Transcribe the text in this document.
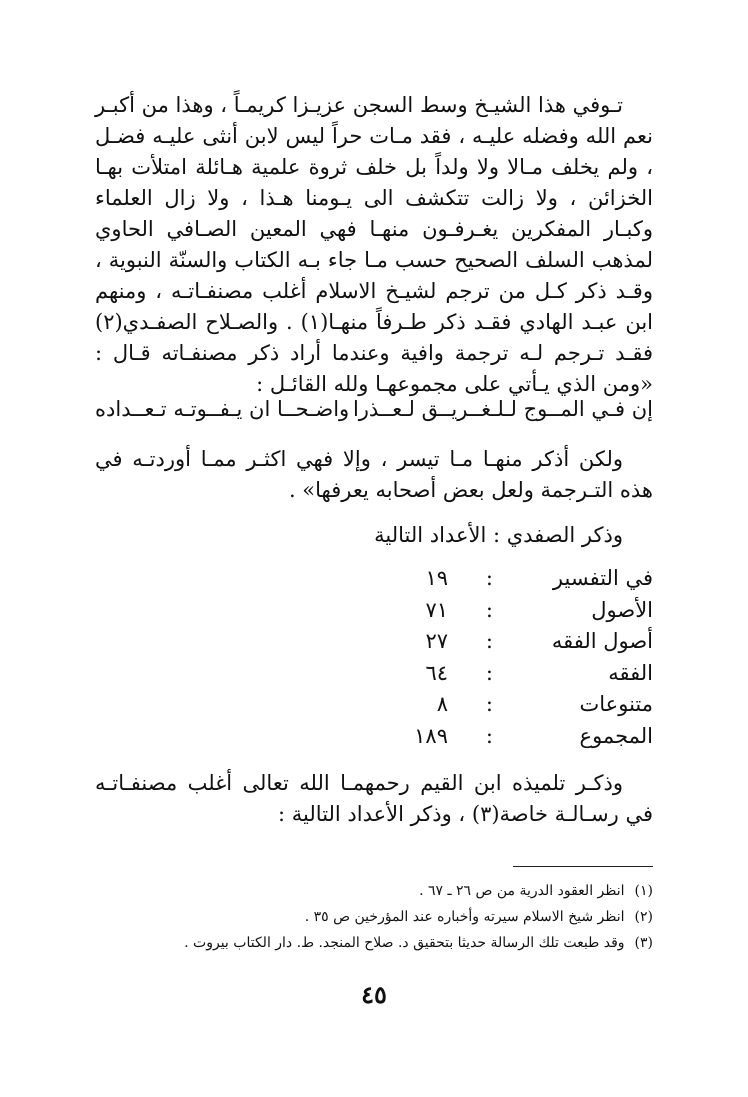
تـوفي هذا الشيـخ وسط السجن عزيـزا كريمـاً ، وهذا من أكبـر نعم الله وفضله عليـه ، فقد مـات حراً ليس لابن أنثى عليـه فضـل ، ولم يخلف مـالا ولا ولداً بل خلف ثروة علمية هـائلة امتلأت بهـا الخزائن ، ولا زالت تتكشف الى يـومنا هـذا ، ولا زال العلماء وكبـار المفكرين يغـرفـون منهـا فهي المعين الصـافي الحاوي لمذهب السلف الصحيح حسب مـا جاء بـه الكتاب والسنّة النبوية ، وقـد ذكر كـل من ترجم لشيـخ الاسلام أغلب مصنفـاتـه ، ومنهم ابن عبـد الهادي فقـد ذكر طـرفاً منهـا(١) . والصـلاح الصفـدي(٢) فقـد تـرجم لـه ترجمة وافية وعندما أراد ذكر مصنفـاته قـال : «ومن الذي يـأتي على مجموعهـا ولله القائـل :

إن فـي المــوج لـلـغــريــق لـعــذرا
واضـحــا ان يـفــوتـه تـعــداده

ولكن أذكر منهـا مـا تيسر ، وإلا فهي اكثـر ممـا أوردتـه في هذه التـرجمة ولعل بعض أصحابه يعرفها» .

وذكر الصفدي : الأعداد التالية
في التفسير
:
١٩
الأصول
:
٧١
أصول الفقه
:
٢٧
الفقه
:
٦٤
متنوعات
:
٨
المجموع
:
١٨٩

وذكـر تلميذه ابن القيم رحمهمـا الله تعالى أغلب مصنفـاتـه في رسـالـة خاصة(٣) ، وذكر الأعداد التالية :

(١)انظر العقود الدرية من ص ٢٦ ـ ٦٧ .
(٢)انظر شيخ الاسلام سيرته وأخباره عند المؤرخين ص ٣٥ .
(٣)وقد طبعت تلك الرسالة حديثا بتحقيق د. صلاح المنجد. ط. دار الكتاب بيروت .
٤٥
